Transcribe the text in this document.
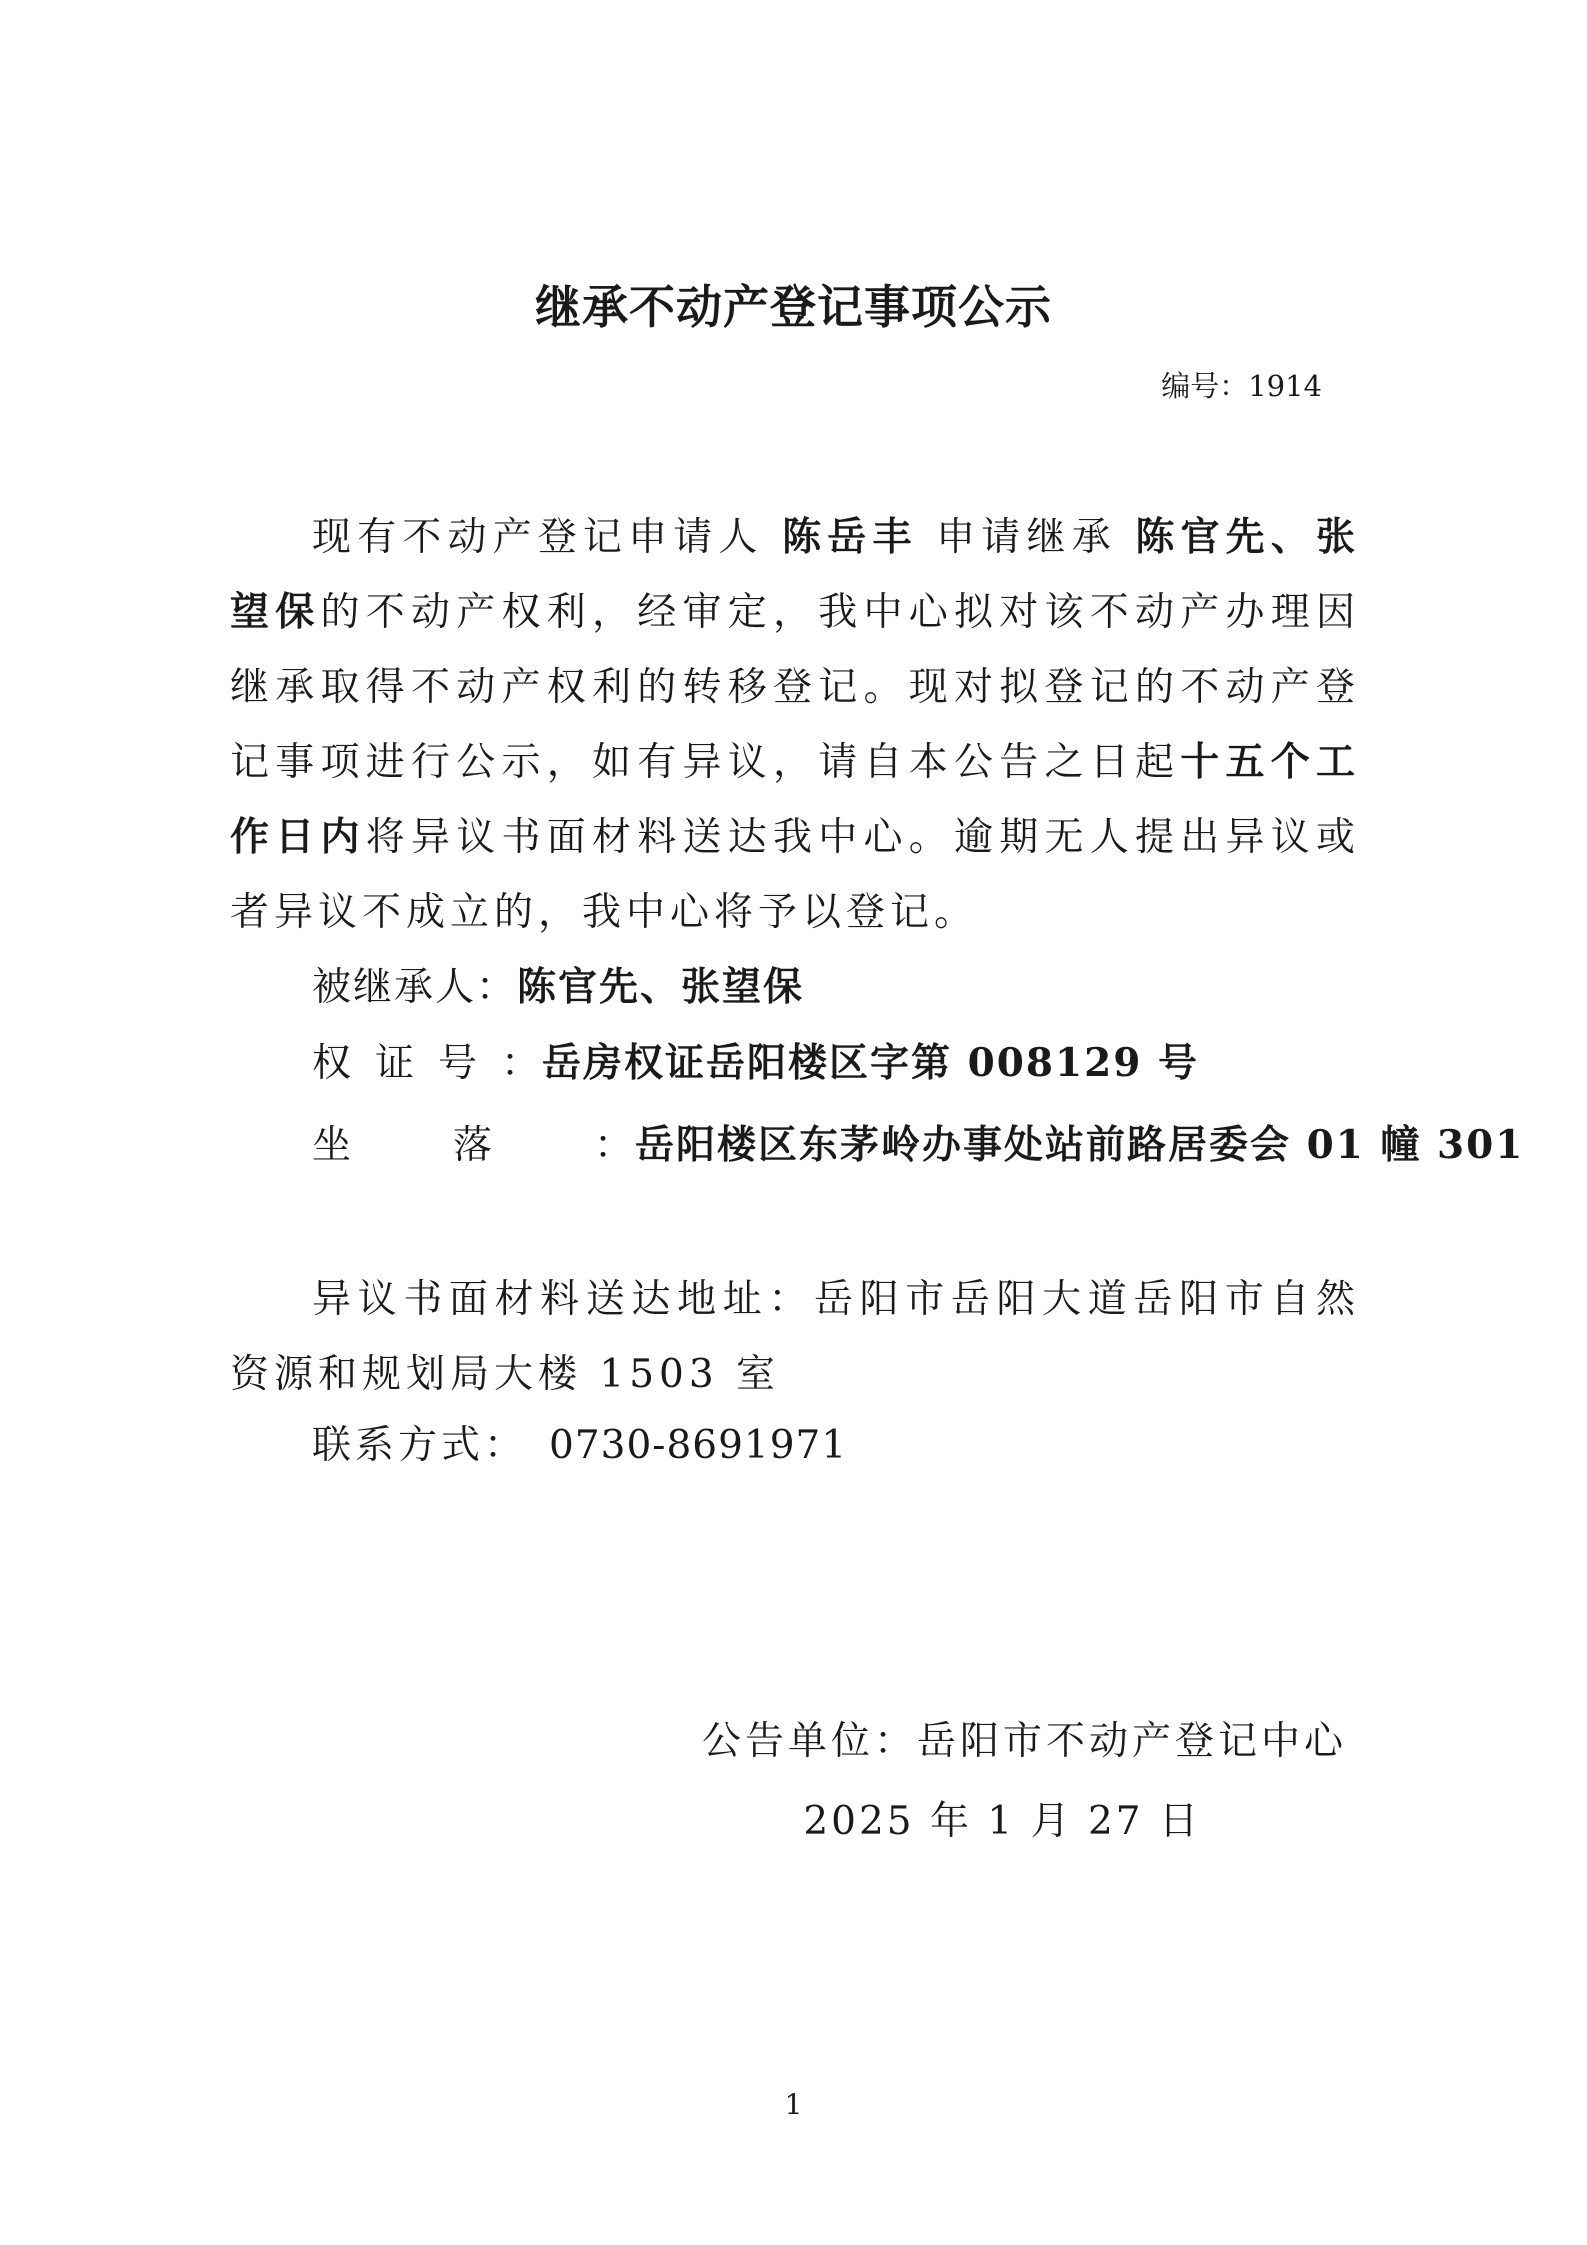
继承不动产登记事项公示
编号：1914
现有不动产登记申请人 陈岳丰 申请继承 陈官先、张望保的不动产权利，经审定，我中心拟对该不动产办理因继承取得不动产权利的转移登记。现对拟登记的不动产登记事项进行公示，如有异议，请自本公告之日起十五个工作日内将异议书面材料送达我中心。逾期无人提出异议或者异议不成立的，我中心将予以登记。
被继承人：陈官先、张望保
权证号：岳房权证岳阳楼区字第 008129 号
坐落：岳阳楼区东茅岭办事处站前路居委会 01 幢 301
异议书面材料送达地址：岳阳市岳阳大道岳阳市自然资源和规划局大楼 1503 室
联系方式： 0730-8691971
公告单位：岳阳市不动产登记中心
2025 年 1 月 27 日
1
